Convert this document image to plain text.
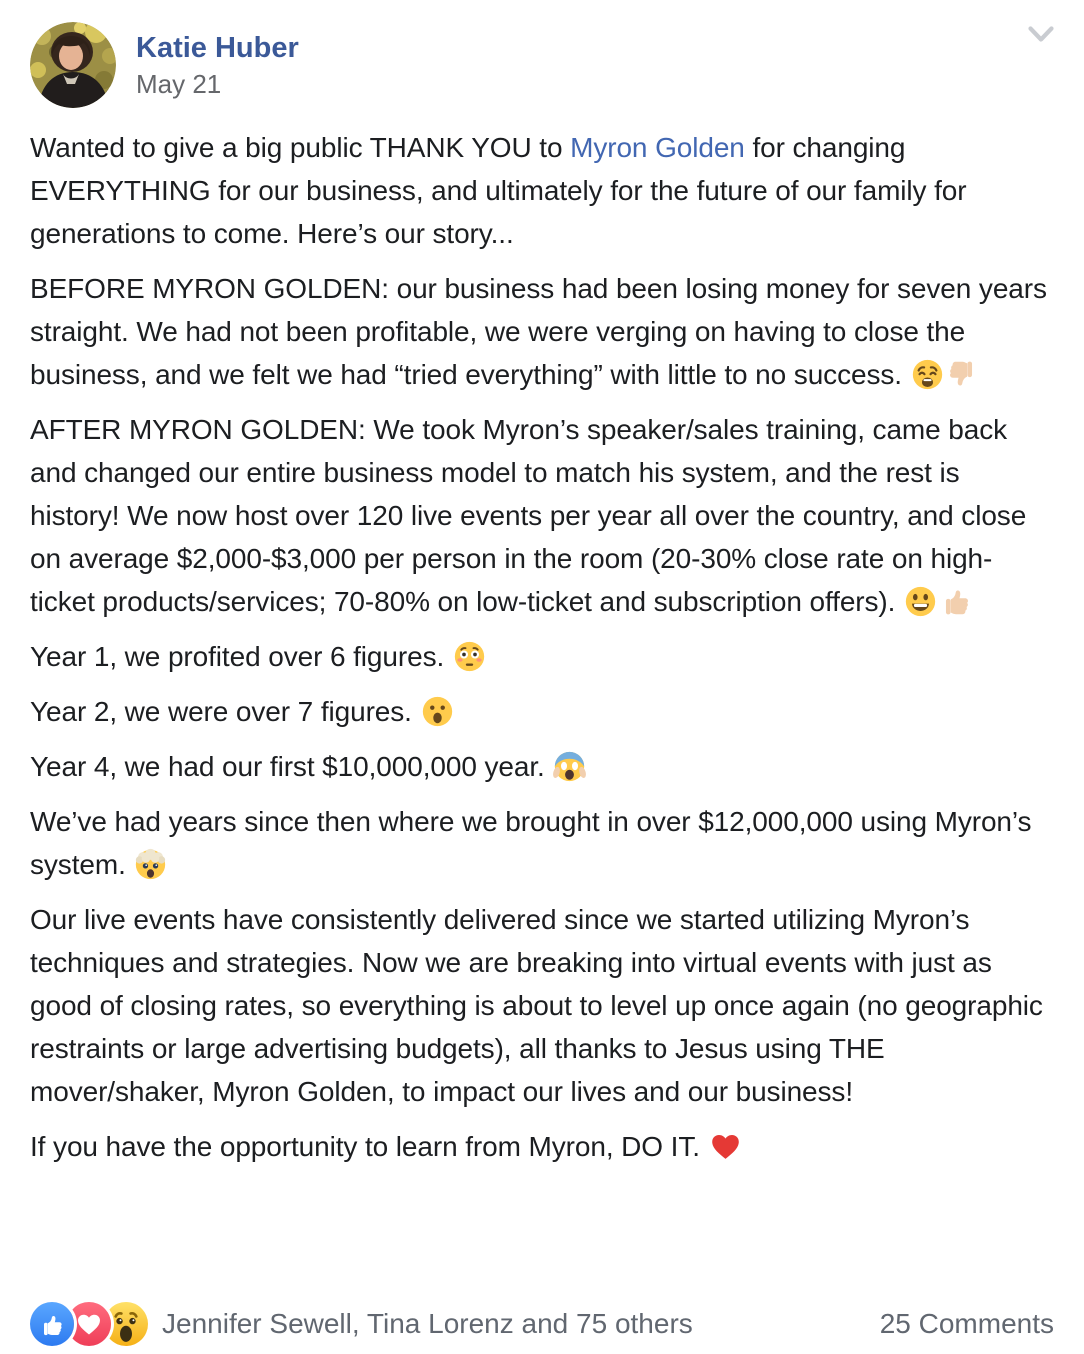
Katie Huber
May 21

Wanted to give a big public THANK YOU to Myron Golden for changing EVERYTHING for our business, and ultimately for the future of our family for generations to come. Here’s our story...

BEFORE MYRON GOLDEN: our business had been losing money for seven years straight. We had not been profitable, we were verging on having to close the business, and we felt we had “tried everything” with little to no success.

AFTER MYRON GOLDEN: We took Myron’s speaker/sales training, came back and changed our entire business model to match his system, and the rest is history! We now host over 120 live events per year all over the country, and close on average $2,000-$3,000 per person in the room (20-30% close rate on high-ticket products/services; 70-80% on low-ticket and subscription offers).

Year 1, we profited over 6 figures.

Year 2, we were over 7 figures.

Year 4, we had our first $10,000,000 year.

We’ve had years since then where we brought in over $12,000,000 using Myron’s system.

Our live events have consistently delivered since we started utilizing Myron’s techniques and strategies. Now we are breaking into virtual events with just as good of closing rates, so everything is about to level up once again (no geographic restraints or large advertising budgets), all thanks to Jesus using THE mover/shaker, Myron Golden, to impact our lives and our business!

If you have the opportunity to learn from Myron, DO IT.

Jennifer Sewell, Tina Lorenz and 75 others	25 Comments
